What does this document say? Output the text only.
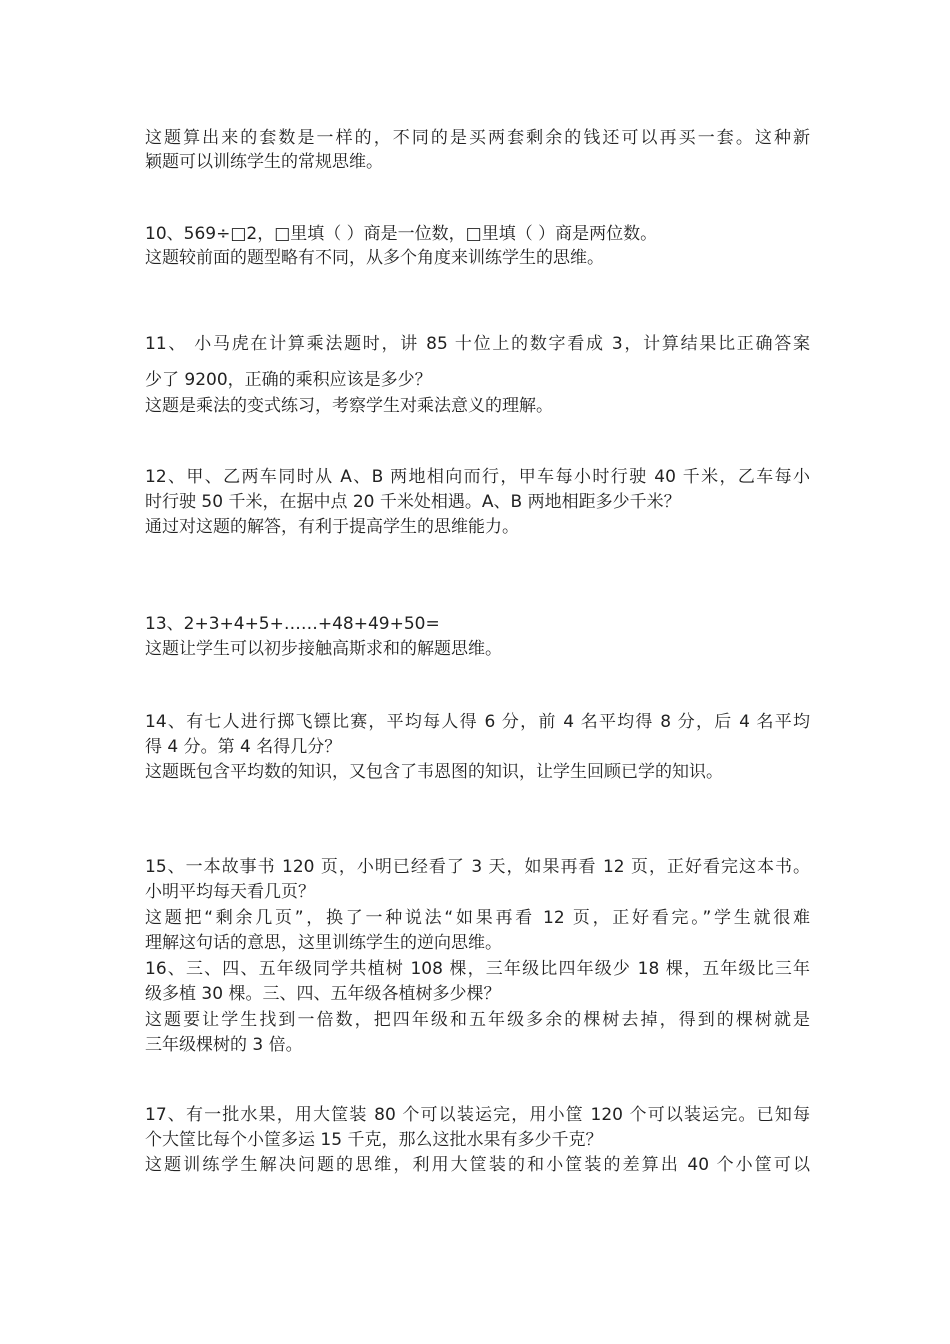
这题算出来的套数是一样的，不同的是买两套剩余的钱还可以再买一套。这种新
颖题可以训练学生的常规思维。
10、569÷□2，□里填（ ）商是一位数，□里填（ ）商是两位数。
这题较前面的题型略有不同，从多个角度来训练学生的思维。
11、 小马虎在计算乘法题时，讲 85 十位上的数字看成 3，计算结果比正确答案
少了 9200，正确的乘积应该是多少？
这题是乘法的变式练习，考察学生对乘法意义的理解。
12、甲、乙两车同时从 A、B 两地相向而行，甲车每小时行驶 40 千米，乙车每小
时行驶 50 千米，在据中点 20 千米处相遇。A、B 两地相距多少千米？
通过对这题的解答，有利于提高学生的思维能力。
13、2+3+4+5+……+48+49+50=
这题让学生可以初步接触高斯求和的解题思维。
14、有七人进行掷飞镖比赛，平均每人得 6 分，前 4 名平均得 8 分，后 4 名平均
得 4 分。第 4 名得几分？
这题既包含平均数的知识，又包含了韦恩图的知识，让学生回顾已学的知识。
15、一本故事书 120 页，小明已经看了 3 天，如果再看 12 页，正好看完这本书。
小明平均每天看几页？
这题把“剩余几页”，换了一种说法“如果再看 12 页，正好看完。”学生就很难
理解这句话的意思，这里训练学生的逆向思维。
16、三、四、五年级同学共植树 108 棵，三年级比四年级少 18 棵，五年级比三年
级多植 30 棵。三、四、五年级各植树多少棵？
这题要让学生找到一倍数，把四年级和五年级多余的棵树去掉，得到的棵树就是
三年级棵树的 3 倍。
17、有一批水果，用大筐装 80 个可以装运完，用小筐 120 个可以装运完。已知每
个大筐比每个小筐多运 15 千克，那么这批水果有多少千克？
这题训练学生解决问题的思维，利用大筐装的和小筐装的差算出 40 个小筐可以
